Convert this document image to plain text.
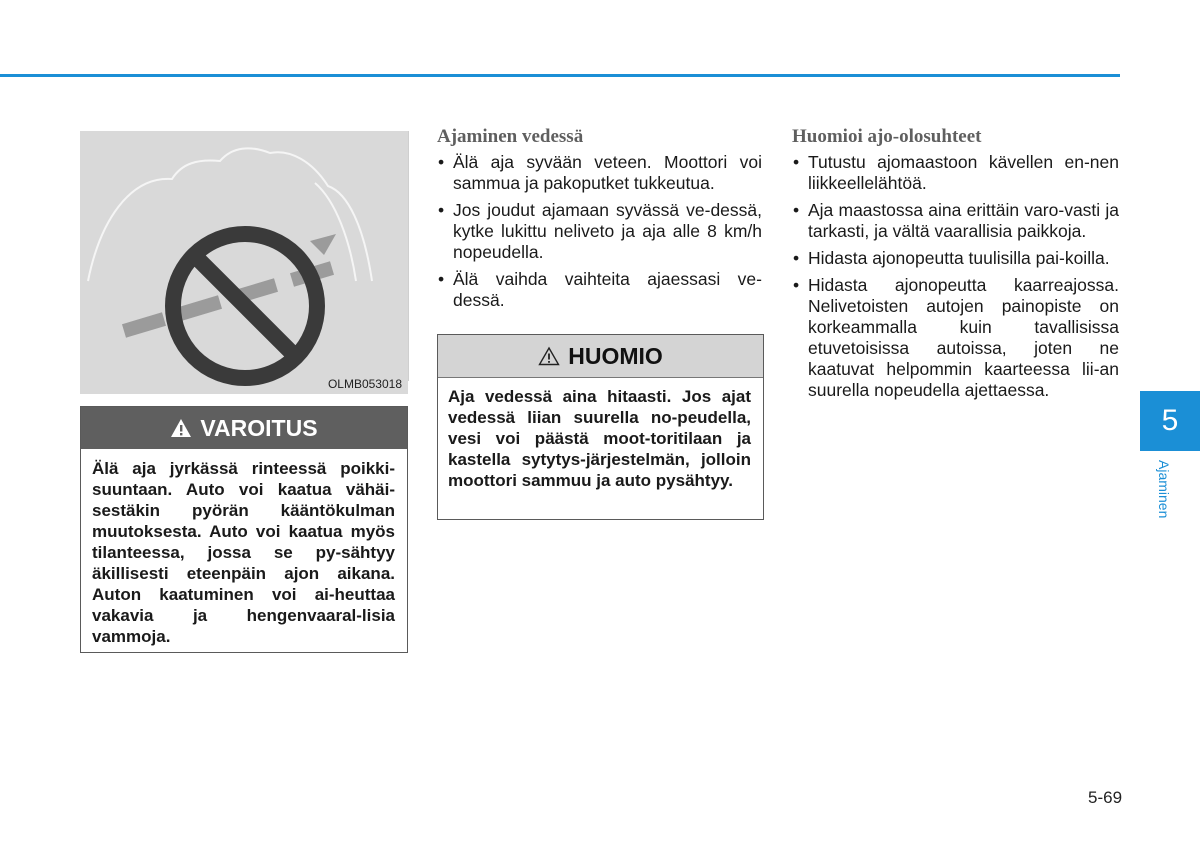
OLMB053018
VAROITUS
Älä aja jyrkässä rinteessä poikki-suuntaan. Auto voi kaatua vähäi-sestäkin pyörän kääntökulman muutoksesta. Auto voi kaatua myös tilanteessa, jossa se py-sähtyy äkillisesti eteenpäin ajon aikana. Auton kaatuminen voi ai-heuttaa vakavia ja hengenvaaral-lisia vammoja.
Ajaminen vedessä
• Älä aja syvään veteen. Moottori voi sammua ja pakoputket tukkeutua.
• Jos joudut ajamaan syvässä ve-dessä, kytke lukittu neliveto ja aja alle 8 km/h nopeudella.
• Älä vaihda vaihteita ajaessasi ve-dessä.
HUOMIO
Aja vedessä aina hitaasti. Jos ajat vedessä liian suurella no-peudella, vesi voi päästä moot-toritilaan ja kastella sytytys-järjestelmän, jolloin moottori sammuu ja auto pysähtyy.
Huomioi ajo-olosuhteet
• Tutustu ajomaastoon kävellen en-nen liikkeellelähtöä.
• Aja maastossa aina erittäin varo-vasti ja tarkasti, ja vältä vaarallisia paikkoja.
• Hidasta ajonopeutta tuulisilla pai-koilla.
• Hidasta ajonopeutta kaarreajossa. Nelivetoisten autojen painopiste on korkeammalla kuin tavallisissa etuvetoisissa autoissa, joten ne kaatuvat helpommin kaarteessa lii-an suurella nopeudella ajettaessa.
5
Ajaminen
5-69
